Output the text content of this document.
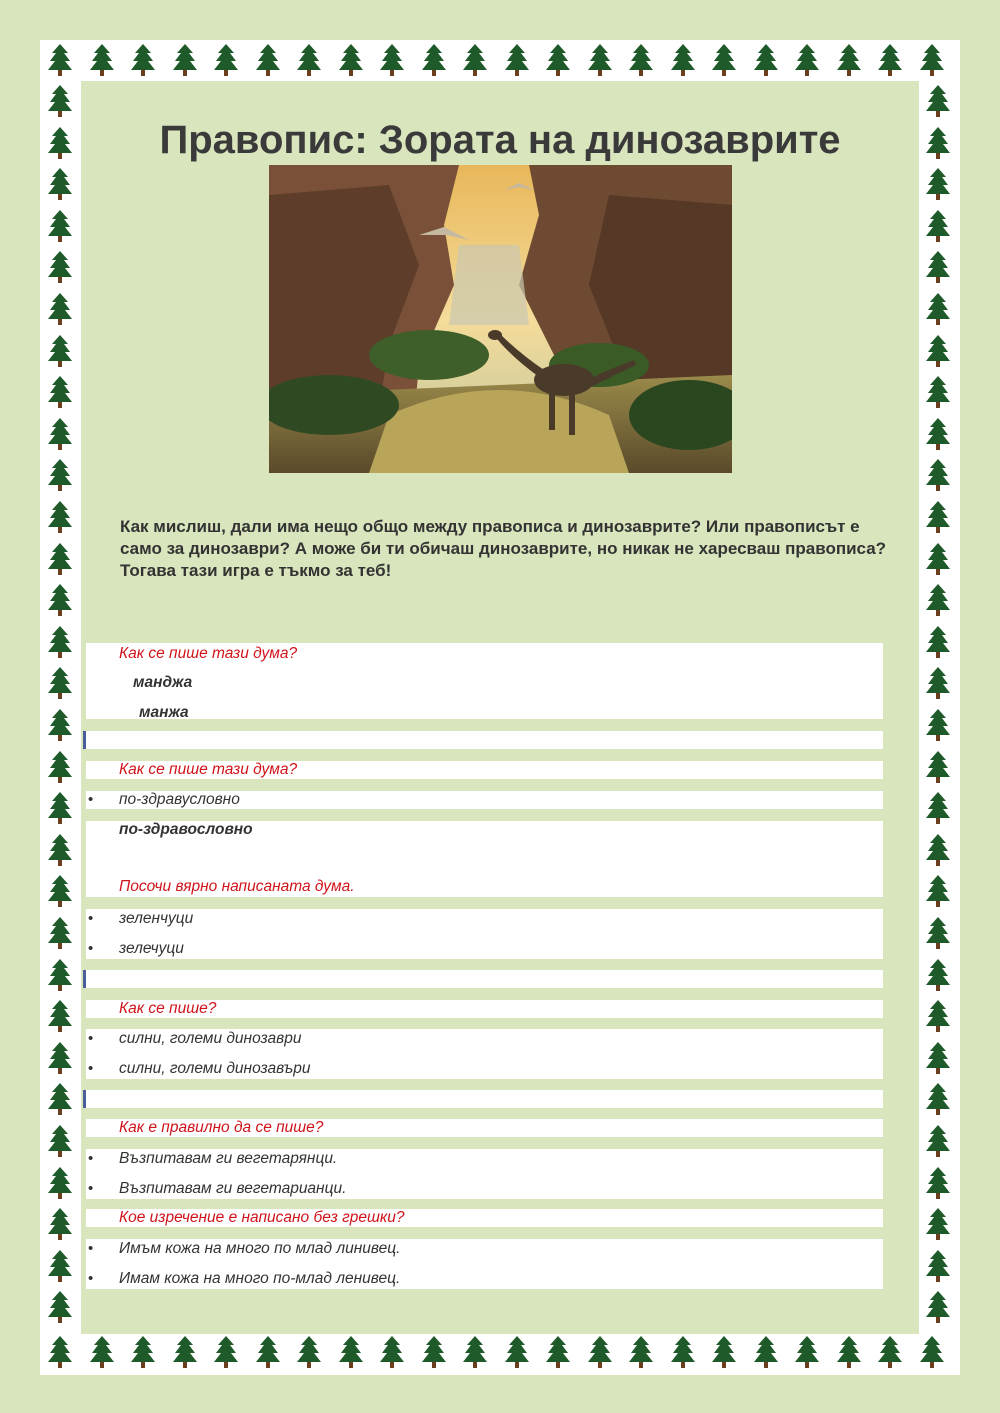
Правопис: Зората на динозаврите

Как мислиш, дали има нещо общо между правописа и динозаврите? Или правописът е само за динозаври? А може би ти обичаш динозаврите, но никак не харесваш правописа? Тогава тази игра е тъкмо за теб!

Как се пише тази дума?
манджа
манжа
Как се пише тази дума?
• по-здравусловно
по-здравословно
Посочи вярно написаната дума.
• зеленчуци
• зелечуци
Как се пише?
• силни, големи динозаври
• силни, големи динозавъри
Как е правилно да се пише?
• Възпитавам ги вегетарянци.
• Възпитавам ги вегетарианци.
Кое изречение е написано без грешки?
• Имъм кожа на много по млад линивец.
• Имам кожа на много по-млад ленивец.
